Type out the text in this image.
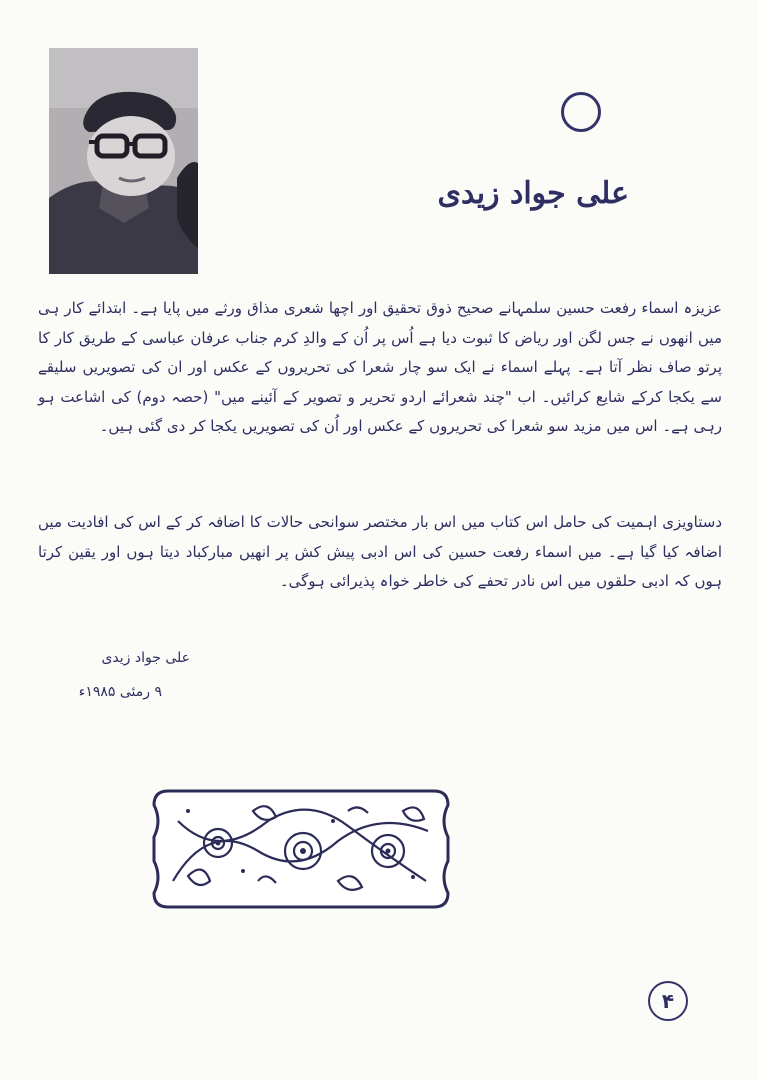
علی جواد زیدی
عزیزہ اسماء رفعت حسین سلمہانے صحیح ذوق تحقیق اور اچھا شعری مذاق ورثے میں پایا ہے۔ ابتدائے کار ہی میں انھوں نے جس لگن اور ریاض کا ثبوت دیا ہے اُس پر اُن کے والدِ کرم جناب عرفان عباسی کے طریق کار کا پرتو صاف نظر آتا ہے۔ پہلے اسماء نے ایک سو چار شعرا کی تحریروں کے عکس اور ان کی تصویریں سلیقے سے یکجا کرکے شایع کرائیں۔ اب "چند شعرائے اردو تحریر و تصویر کے آئینے میں" (حصہ دوم) کی اشاعت ہو رہی ہے۔ اس میں مزید سو شعرا کی تحریروں کے عکس اور اُن کی تصویریں یکجا کر دی گئی ہیں۔
دستاویزی اہمیت کی حامل اس کتاب میں اس بار مختصر سوانحی حالات کا اضافہ کر کے اس کی افادیت میں اضافہ کیا گیا ہے۔ میں اسماء رفعت حسین کی اس ادبی پیش کش پر انھیں مبارکباد دیتا ہوں اور یقین کرتا ہوں کہ ادبی حلقوں میں اس نادر تحفے کی خاطر خواہ پذیرائی ہوگی۔
علی جواد زیدی
۹ رمئی ۱۹۸۵ء
۴
